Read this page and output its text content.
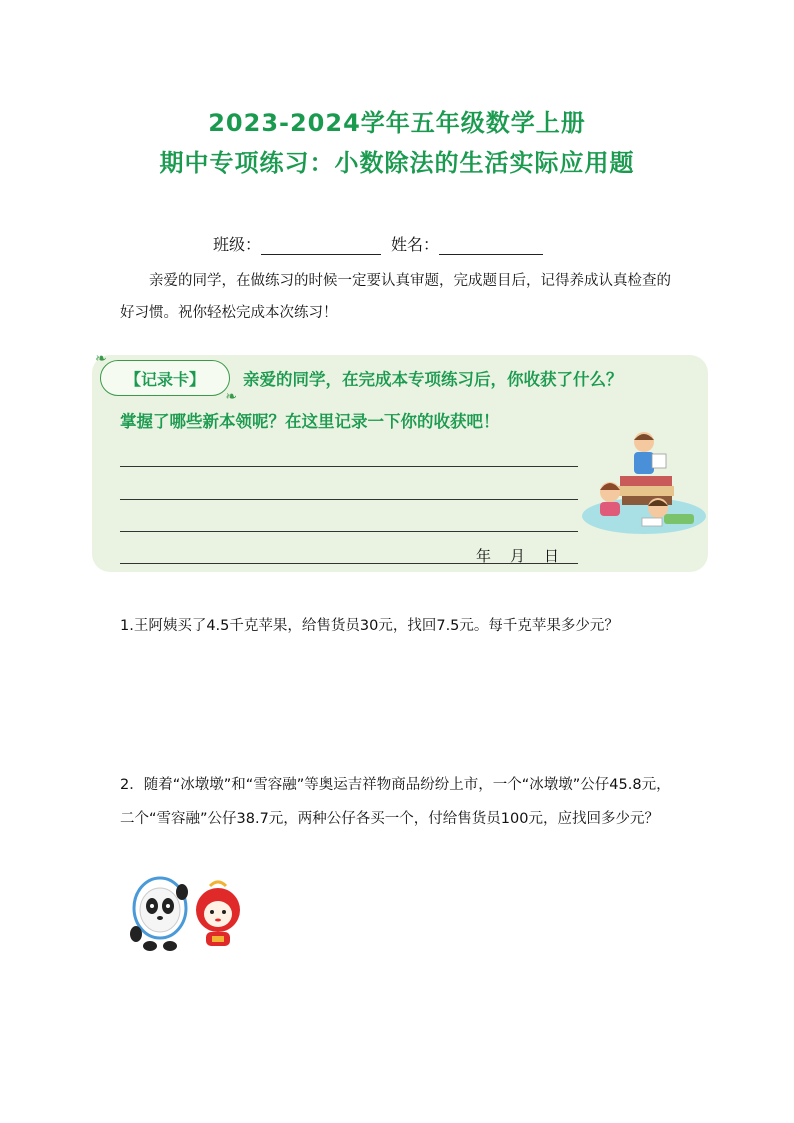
2023-2024学年五年级数学上册
期中专项练习：小数除法的生活实际应用题
班级：	姓名：
亲爱的同学，在做练习的时候一定要认真审题，完成题目后，记得养成认真检查的好习惯。祝你轻松完成本次练习！
❧
【记录卡】
❧
亲爱的同学，在完成本专项练习后，你收获了什么？
掌握了哪些新本领呢？在这里记录一下你的收获吧！
年	月	日
1.王阿姨买了4.5千克苹果，给售货员30元，找回7.5元。每千克苹果多少元？
2．随着“冰墩墩”和“雪容融”等奥运吉祥物商品纷纷上市，一个“冰墩墩”公仔45.8元，二个“雪容融”公仔38.7元，两种公仔各买一个，付给售货员100元，应找回多少元？
